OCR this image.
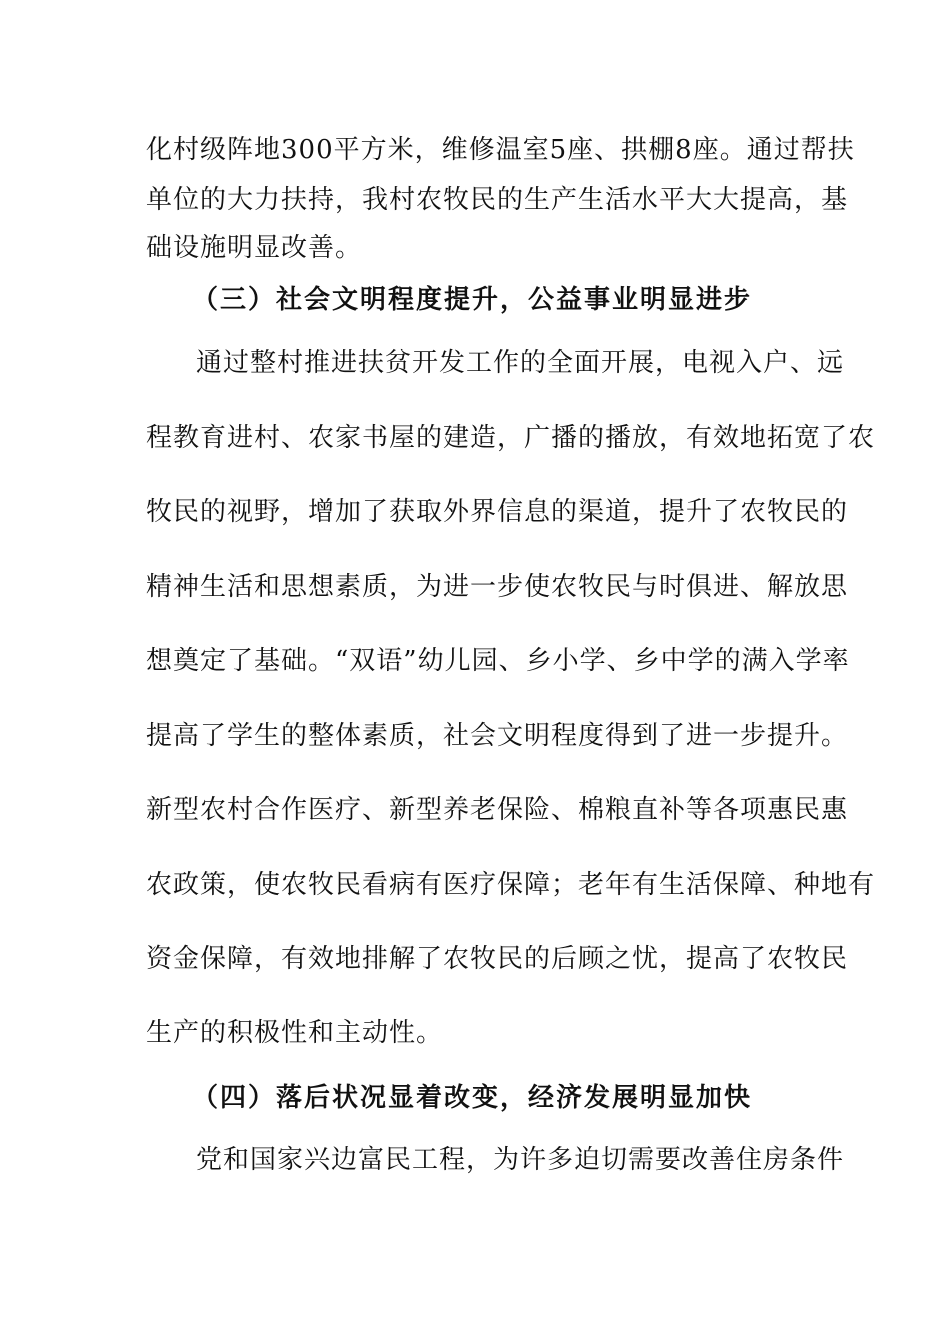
化村级阵地300平方米，维修温室5座、拱棚8座。通过帮扶
单位的大力扶持，我村农牧民的生产生活水平大大提高，基
础设施明显改善。
（三）社会文明程度提升，公益事业明显进步
通过整村推进扶贫开发工作的全面开展，电视入户、远
程教育进村、农家书屋的建造，广播的播放，有效地拓宽了农
牧民的视野，增加了获取外界信息的渠道，提升了农牧民的
精神生活和思想素质，为进一步使农牧民与时俱进、解放思
想奠定了基础。“双语”幼儿园、乡小学、乡中学的满入学率
提高了学生的整体素质，社会文明程度得到了进一步提升。
新型农村合作医疗、新型养老保险、棉粮直补等各项惠民惠
农政策，使农牧民看病有医疗保障；老年有生活保障、种地有
资金保障，有效地排解了农牧民的后顾之忧，提高了农牧民
生产的积极性和主动性。
（四）落后状况显着改变，经济发展明显加快
党和国家兴边富民工程，为许多迫切需要改善住房条件
